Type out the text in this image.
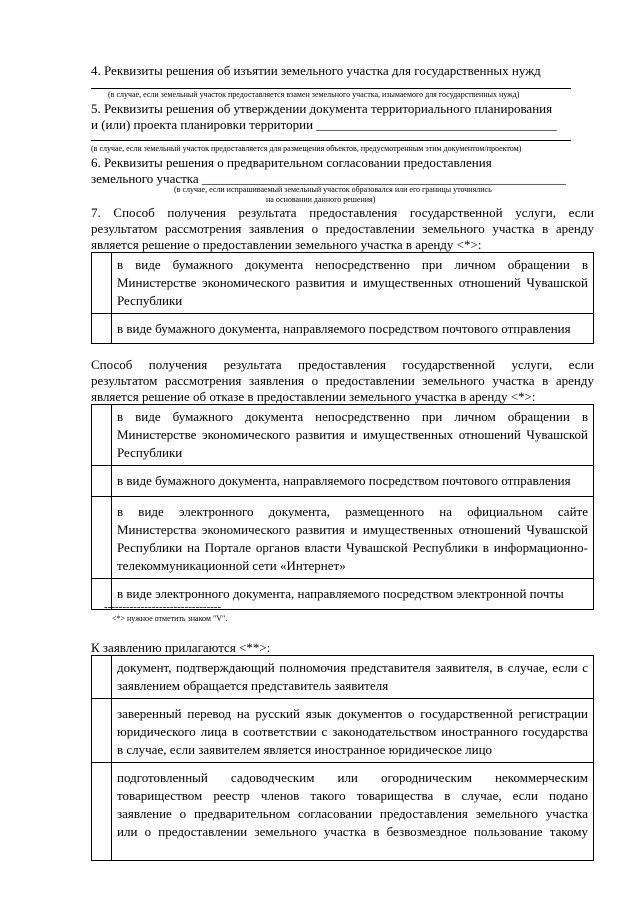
4. Реквизиты решения об изъятии земельного участка для государственных нужд
(в случае, если земельный участок предоставляется взамен земельного участка, изымаемого для государственных нужд)
5. Реквизиты решения об утверждении документа территориального планирования
и (или) проекта планировки территории _____________________________________
(в случае, если земельный участок предоставляется для размещения объектов, предусмотренным этим документом/проектом)
6. Реквизиты решения о предварительном согласовании предоставления
земельного участка ________________________________________________________
(в случае, если испрашиваемый земельный участок образовался или его границы уточнялись
на основании данного решения)
7. Способ получения результата предоставления государственной услуги, если
результатом рассмотрения заявления о предоставлении земельного участка в аренду
является решение о предоставлении земельного участка в аренду <*>:

	в виде бумажного документа непосредственно при личном обращении в
Министерстве экономического развития и имущественных отношений Чувашской
Республики

	в виде бумажного документа, направляемого посредством почтового отправления
Способ получения результата предоставления государственной услуги, если
результатом рассмотрения заявления о предоставлении земельного участка в аренду
является решение об отказе в предоставлении земельного участка в аренду <*>:

	в виде бумажного документа непосредственно при личном обращении в
Министерстве экономического развития и имущественных отношений Чувашской
Республики

	в виде бумажного документа, направляемого посредством почтового отправления

	в виде электронного документа, размещенного на официальном сайте
Министерства экономического развития и имущественных отношений Чувашской
Республики на Портале органов власти Чувашской Республики в информационно-
телекоммуникационной сети «Интернет»

	в виде электронного документа, направляемого посредством электронной почты
--------------------------------
<*> нужное отметить знаком "V".
К заявлению прилагаются <**>:

	документ, подтверждающий полномочия представителя заявителя, в случае, если с
заявлением обращается представитель заявителя

	заверенный перевод на русский язык документов о государственной регистрации
юридического лица в соответствии с законодательством иностранного государства
в случае, если заявителем является иностранное юридическое лицо

	подготовленный садоводческим или огородническим некоммерческим
товариществом реестр членов такого товарищества в случае, если подано
заявление о предварительном согласовании предоставления земельного участка
или о предоставлении земельного участка в безвозмездное пользование такому
